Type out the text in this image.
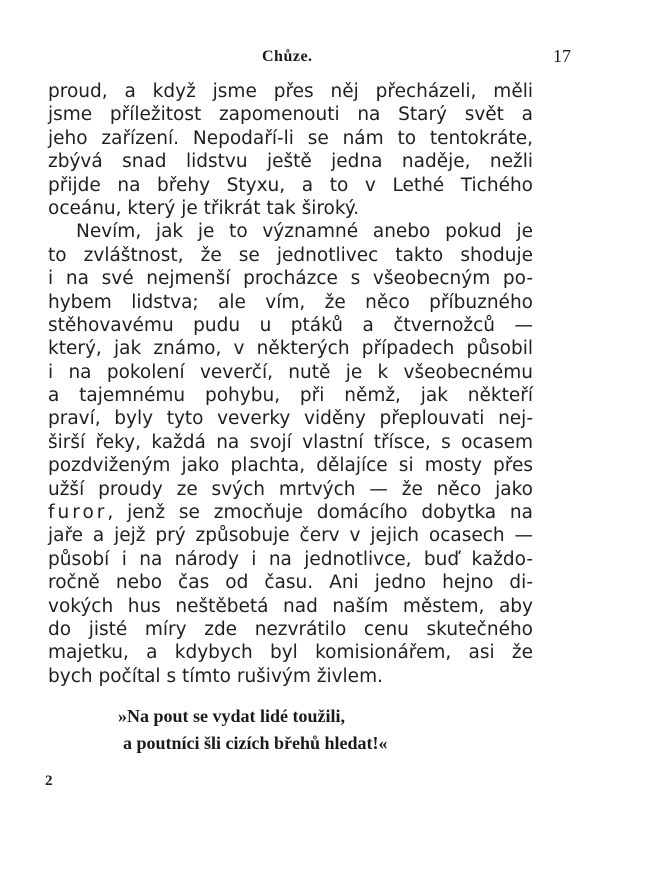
Chůze.	17

proud, a když jsme přes něj přecházeli, měli
jsme příležitost zapomenouti na Starý svět a
jeho zařízení. Nepodaří-li se nám to tentokráte,
zbývá snad lidstvu ještě jedna naděje, nežli
přijde na břehy Styxu, a to v Lethé Tichého
oceánu, který je třikrát tak široký.

Nevím, jak je to významné anebo pokud je
to zvláštnost, že se jednotlivec takto shoduje
i na své nejmenší procházce s všeobecným po-
hybem lidstva; ale vím, že něco příbuzného
stěhovavému pudu u ptáků a čtvernožců —
který, jak známo, v některých případech působil
i na pokolení veverčí, nutě je k všeobecnému
a tajemnému pohybu, při němž, jak někteří
praví, byly tyto veverky viděny přeplouvati nej-
širší řeky, každá na svojí vlastní třísce, s ocasem
pozdviženým jako plachta, dělajíce si mosty přes
užší proudy ze svých mrtvých — že něco jako
furor, jenž se zmocňuje domácího dobytka na
jaře a jejž prý způsobuje červ v jejich ocasech —
působí i na národy i na jednotlivce, buď každo-
ročně nebo čas od času. Ani jedno hejno di-
vokých hus neštěbetá nad naším městem, aby
do jisté míry zde nezvrátilo cenu skutečného
majetku, a kdybych byl komisionářem, asi že
bych počítal s tímto rušivým živlem.

»Na pout se vydat lidé toužili,
a poutníci šli cizích břehů hledat!«
2
